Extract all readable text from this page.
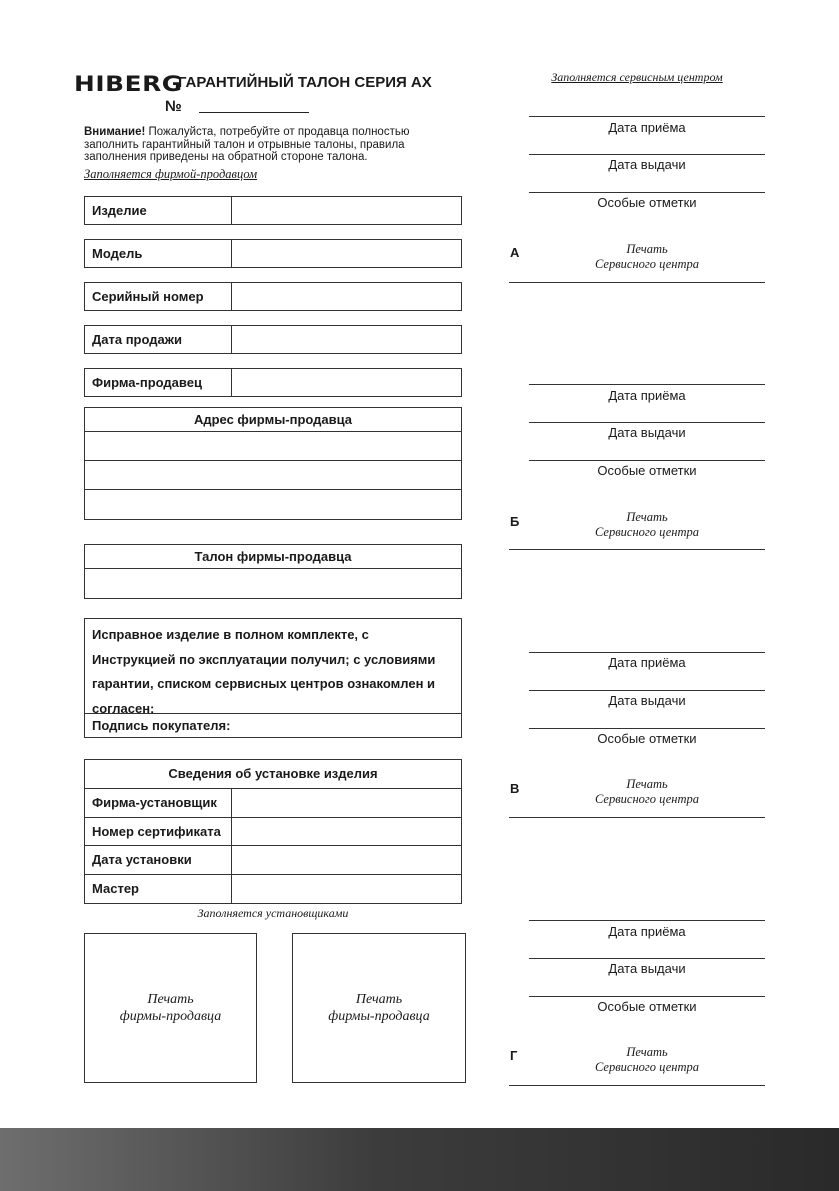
HIBERG
ГАРАНТИЙНЫЙ ТАЛОН СЕРИЯ АХ
№
Внимание! Пожалуйста, потребуйте от продавца полностью заполнить гарантийный талон и отрывные талоны, правила заполнения приведены на обратной стороне талона.
Заполняется фирмой-продавцом
Изделие
Модель
Серийный номер
Дата продажи
Фирма-продавец
Адрес фирмы-продавца
Талон фирмы-продавца
Исправное изделие в полном комплекте, с Инструкцией по эксплуатации получил; с условиями гарантии, списком сервисных центров ознакомлен и согласен:
Подпись покупателя:
Сведения об установке изделия
Фирма-установщик
Номер сертификата
Дата установки
Мастер
Заполняется установщиками
Печать
фирмы-продавца
Печать
фирмы-продавца
Заполняется сервисным центром
Дата приёма
Дата выдачи
Особые отметки
А	Печать
Сервисного центра
Дата приёма
Дата выдачи
Особые отметки
Б	Печать
Сервисного центра
Дата приёма
Дата выдачи
Особые отметки
В	Печать
Сервисного центра
Дата приёма
Дата выдачи
Особые отметки
Г	Печать
Сервисного центра
